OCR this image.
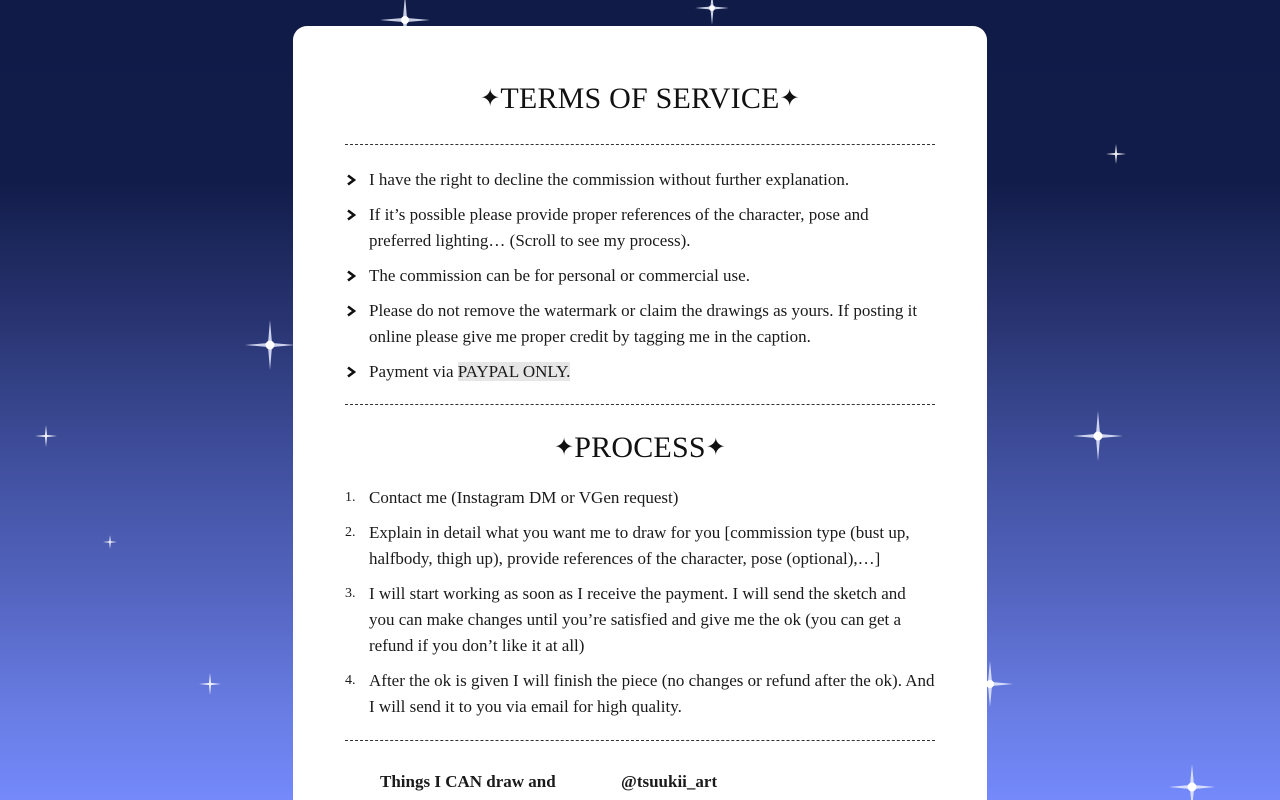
✦TERMS OF SERVICE✦
I have the right to decline the commission without further explanation.
If it’s possible please provide proper references of the character, pose and preferred lighting… (Scroll to see my process).
The commission can be for personal or commercial use.
Please do not remove the watermark or claim the drawings as yours. If posting it online please give me proper credit by tagging me in the caption.
Payment via PAYPAL ONLY.
✦PROCESS✦
1. Contact me (Instagram DM or VGen request)
2. Explain in detail what you want me to draw for you [commission type (bust up, halfbody, thigh up), provide references of the character, pose (optional),…]
3. I will start working as soon as I receive the payment. I will send the sketch and you can make changes until you’re satisfied and give me the ok (you can get a refund if you don’t like it at all)
4. After the ok is given I will finish the piece (no changes or refund after the ok). And I will send it to you via email for high quality.
Things I CAN draw and	@tsuukii_art
